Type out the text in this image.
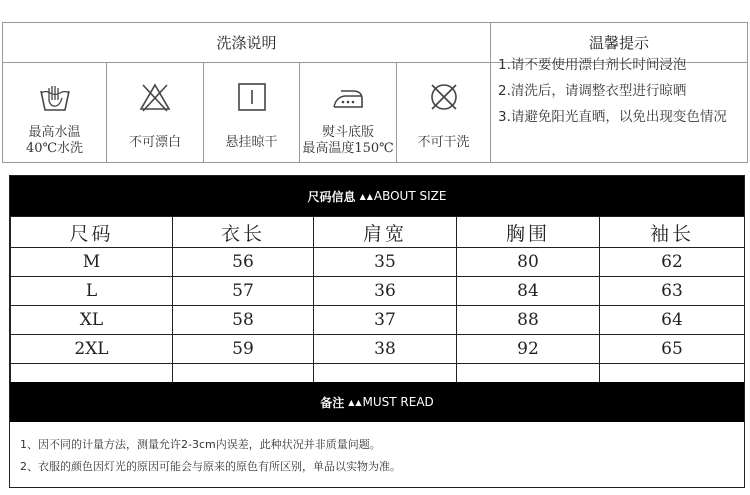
洗涤说明	温馨提示
最高水温
40℃水洗	不可漂白	悬挂晾干
熨斗底版
最高温度150℃	不可干洗
1.请不要使用漂白剂长时间浸泡
2.清洗后，请调整衣型进行晾晒
3.请避免阳光直晒，以免出现变色情况
尺码信息 ▲▲ ABOUT SIZE
尺码	衣长	肩宽	胸围	袖长
M	56	35	80	62
L	57	36	84	63
XL	58	37	88	64
2XL	59	38	92	65

备注 ▲▲ MUST READ
1、因不同的计量方法，测量允许2-3cm内误差，此种状况并非质量问题。
2、衣服的颜色因灯光的原因可能会与原来的原色有所区别，单品以实物为准。
